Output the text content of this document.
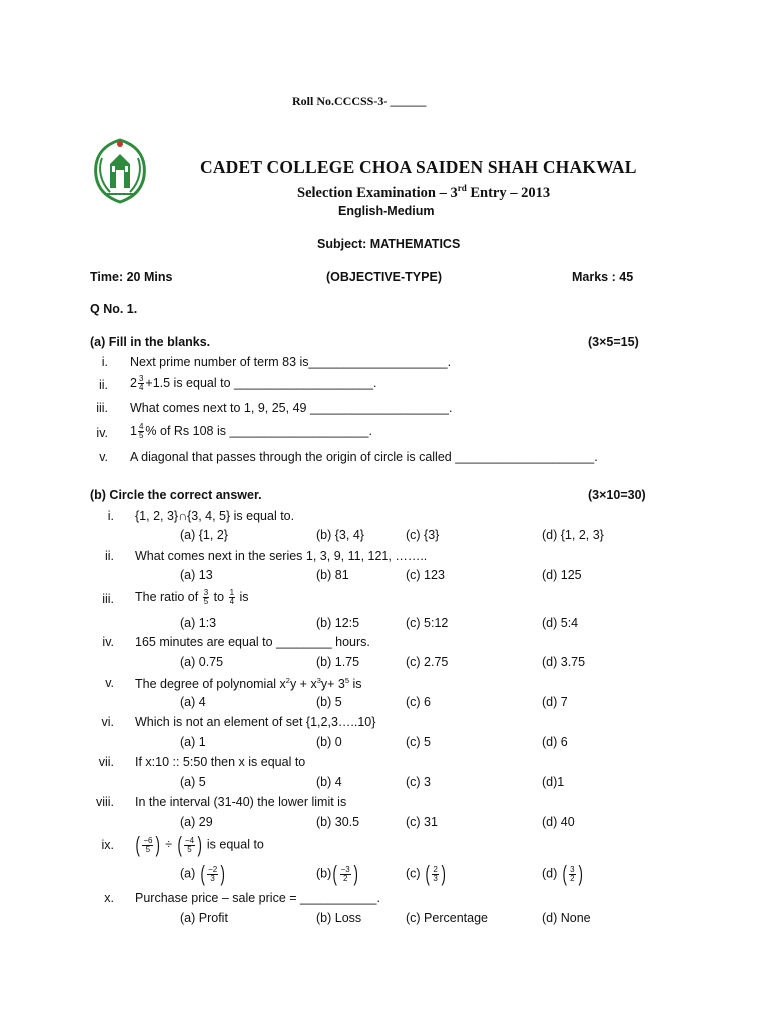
Roll No.CCCSS-3- ______
CADET COLLEGE CHOA SAIDEN SHAH CHAKWAL
Selection Examination – 3rd Entry – 2013
English-Medium
Subject: MATHEMATICS
Time: 20 Mins	(OBJECTIVE-TYPE)	Marks : 45
Q No. 1.
(a) Fill in the blanks.	(3×5=15)
i. Next prime number of term 83 is____________________.
ii. $2 \frac{3}{4} +1.5$ is equal to ____________________.
iii. What comes next to 1, 9, 25, 49 ____________________.
iv. $1 \frac{4}{5}$ % of Rs 108 is ____________________.
v. A diagonal that passes through the origin of circle is called ____________________.
(b) Circle the correct answer.	(3×10=30)
i. {1, 2, 3}∩{3, 4, 5} is equal to.
(a) {1, 2}	(b) {3, 4}	(c) {3}	(d) {1, 2, 3}
ii. What comes next in the series 1, 3, 9, 11, 121, ……..
(a) 13	(b) 81	(c) 123	(d) 125
iii. The ratio of $\frac{3}{5}$ to $\frac{1}{4}$ is
(a) 1:3	(b) 12:5	(c) 5:12	(d) 5:4
iv. 165 minutes are equal to ________ hours.
(a) 0.75	(b) 1.75	(c) 2.75	(d) 3.75
v. The degree of polynomial $x^2y + x^3y+ 3^5$ is
(a) 4	(b) 5	(c) 6	(d) 7
vi. Which is not an element of set {1,2,3…..10}
(a) 1	(b) 0	(c) 5	(d) 6
vii. If x:10 :: 5:50 then x is equal to
(a) 5	(b) 4	(c) 3	(d)1
viii. In the interval (31-40) the lower limit is
(a) 29	(b) 30.5	(c) 31	(d) 40
ix. ( $\frac{-6}{5}$ ) ÷ ( $\frac{-4}{5}$ ) is equal to
(a) ( $\frac{-2}{3}$ )	(b) ( $\frac{-3}{2}$ )	(c) ( $\frac{2}{3}$ )	(d) ( $\frac{3}{2}$ )
x. Purchase price – sale price = ___________.
(a) Profit	(b) Loss	(c) Percentage	(d) None
